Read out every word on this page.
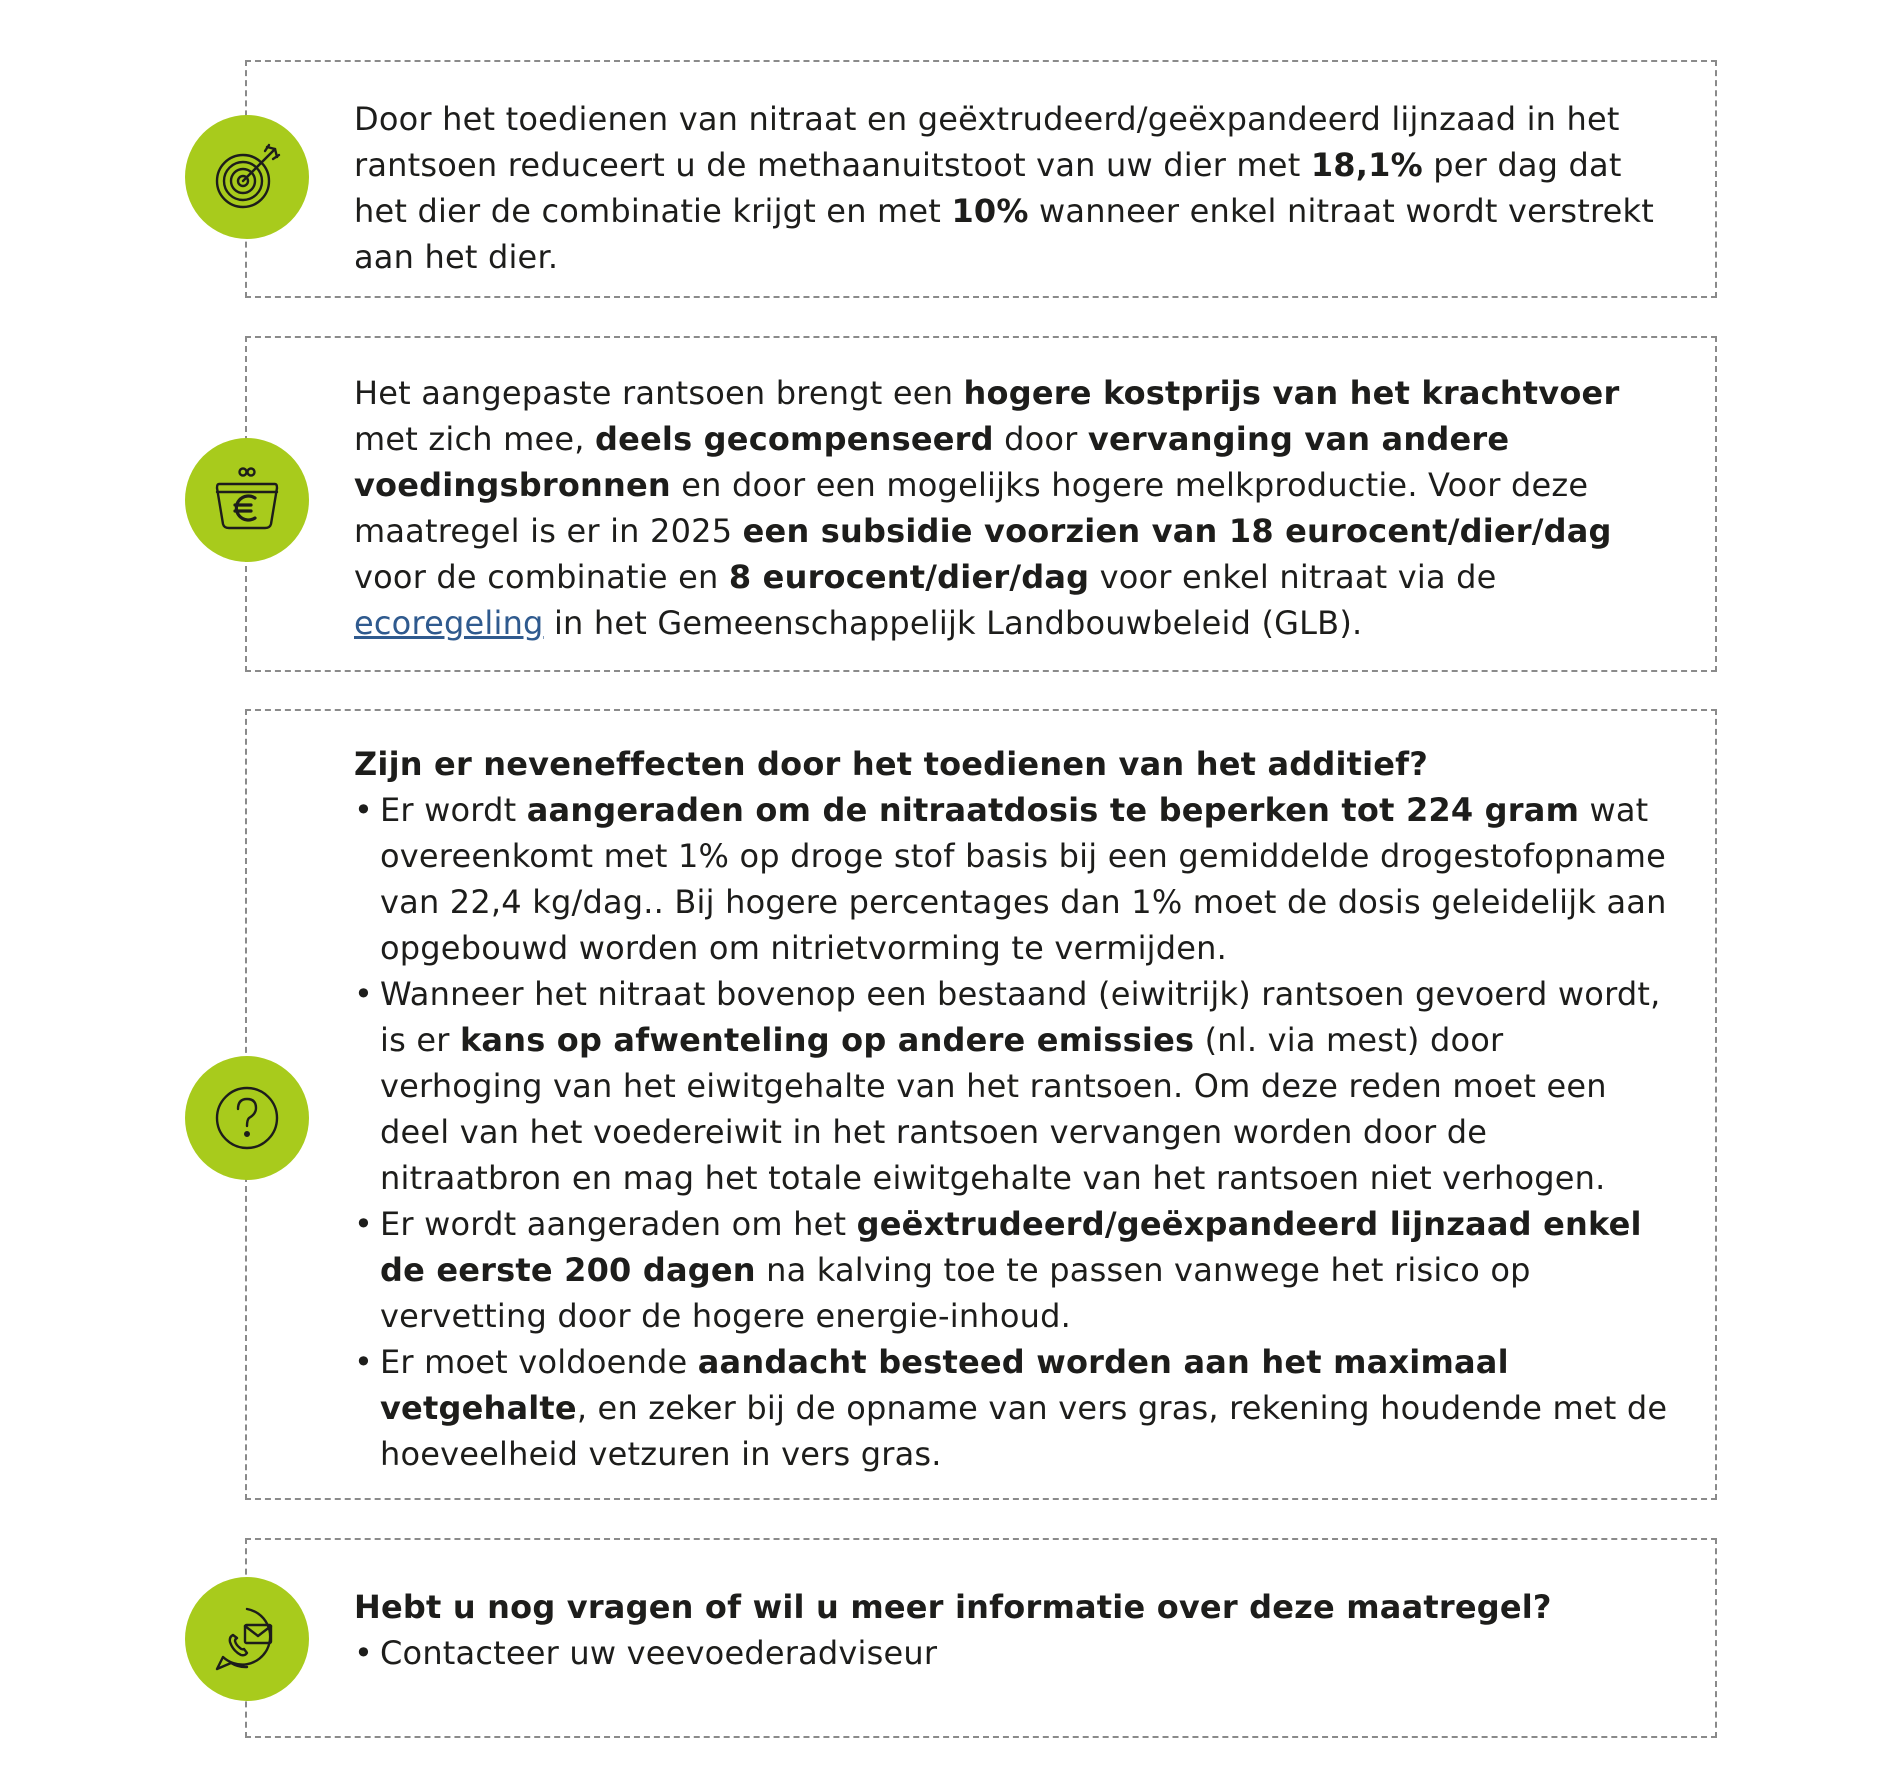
Door het toedienen van nitraat en geëxtrudeerd/geëxpandeerd lijnzaad in het rantsoen reduceert u de methaanuitstoot van uw dier met 18,1% per dag dat het dier de combinatie krijgt en met 10% wanneer enkel nitraat wordt verstrekt aan het dier.

Het aangepaste rantsoen brengt een hogere kostprijs van het krachtvoer met zich mee, deels gecompenseerd door vervanging van andere voedingsbronnen en door een mogelijks hogere melkproductie. Voor deze maatregel is er in 2025 een subsidie voorzien van 18 eurocent/dier/dag voor de combinatie en 8 eurocent/dier/dag voor enkel nitraat via de ecoregeling in het Gemeenschappelijk Landbouwbeleid (GLB).

Zijn er neveneffecten door het toedienen van het additief?

• Er wordt aangeraden om de nitraatdosis te beperken tot 224 gram wat overeenkomt met 1% op droge stof basis bij een gemiddelde drogestofopname van 22,4 kg/dag.. Bij hogere percentages dan 1% moet de dosis geleidelijk aan opgebouwd worden om nitrietvorming te vermijden.
• Wanneer het nitraat bovenop een bestaand (eiwitrijk) rantsoen gevoerd wordt, is er kans op afwenteling op andere emissies (nl. via mest) door verhoging van het eiwitgehalte van het rantsoen. Om deze reden moet een deel van het voedereiwit in het rantsoen vervangen worden door de nitraatbron en mag het totale eiwitgehalte van het rantsoen niet verhogen.
• Er wordt aangeraden om het geëxtrudeerd/geëxpandeerd lijnzaad enkel de eerste 200 dagen na kalving toe te passen vanwege het risico op vervetting door de hogere energie-inhoud.
• Er moet voldoende aandacht besteed worden aan het maximaal vetgehalte, en zeker bij de opname van vers gras, rekening houdende met de hoeveelheid vetzuren in vers gras.

Hebt u nog vragen of wil u meer informatie over deze maatregel?

• Contacteer uw veevoederadviseur
